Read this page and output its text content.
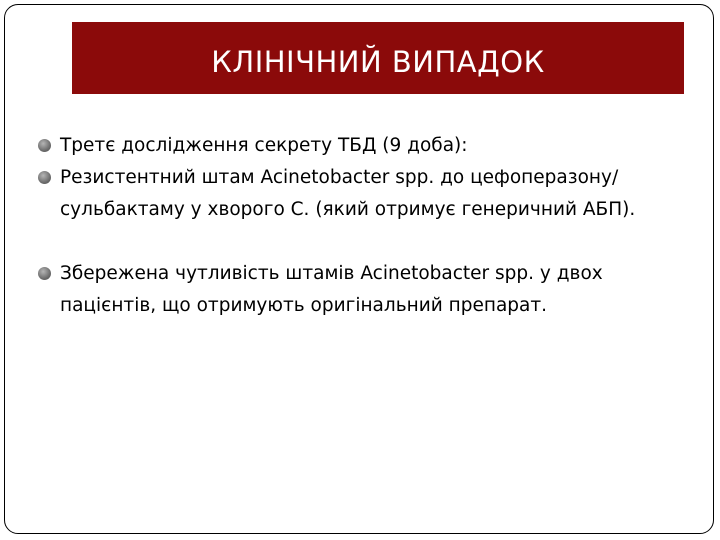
КЛІНІЧНИЙ ВИПАДОК
Третє дослідження секрету ТБД (9 доба):
Резистентний штам Acinetobacter spp. до цефоперазону/сульбактаму у хворого С. (який отримує генеричний АБП).
Збережена чутливість штамів Acinetobacter spp. у двох пацієнтів, що отримують оригінальний препарат.
